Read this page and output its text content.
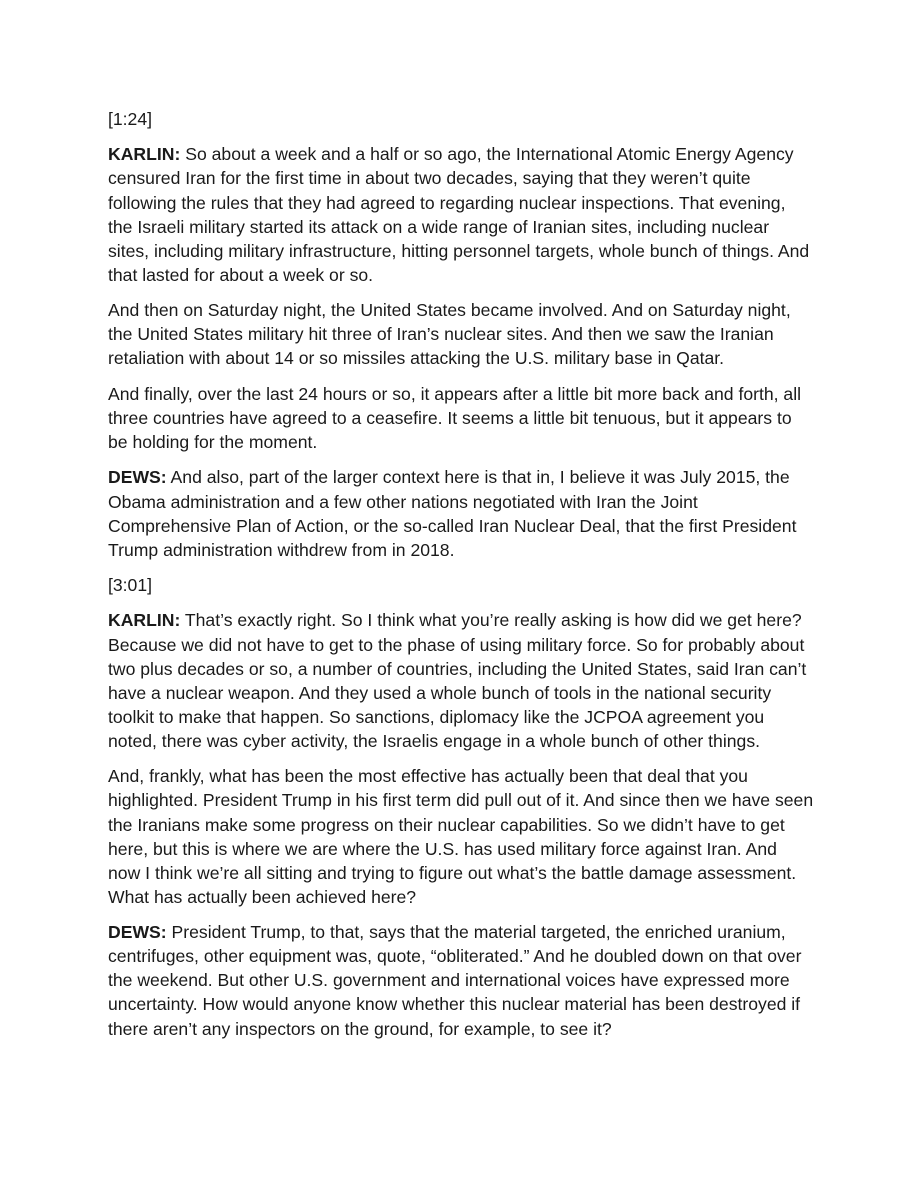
[1:24]

KARLIN: So about a week and a half or so ago, the International Atomic Energy Agency censured Iran for the first time in about two decades, saying that they weren’t quite following the rules that they had agreed to regarding nuclear inspections. That evening, the Israeli military started its attack on a wide range of Iranian sites, including nuclear sites, including military infrastructure, hitting personnel targets, whole bunch of things. And that lasted for about a week or so.

And then on Saturday night, the United States became involved. And on Saturday night, the United States military hit three of Iran’s nuclear sites. And then we saw the Iranian retaliation with about 14 or so missiles attacking the U.S. military base in Qatar.

And finally, over the last 24 hours or so, it appears after a little bit more back and forth, all three countries have agreed to a ceasefire. It seems a little bit tenuous, but it appears to be holding for the moment.

DEWS: And also, part of the larger context here is that in, I believe it was July 2015, the Obama administration and a few other nations negotiated with Iran the Joint Comprehensive Plan of Action, or the so-called Iran Nuclear Deal, that the first President Trump administration withdrew from in 2018.

[3:01]

KARLIN: That’s exactly right. So I think what you’re really asking is how did we get here? Because we did not have to get to the phase of using military force. So for probably about two plus decades or so, a number of countries, including the United States, said Iran can’t have a nuclear weapon. And they used a whole bunch of tools in the national security toolkit to make that happen. So sanctions, diplomacy like the JCPOA agreement you noted, there was cyber activity, the Israelis engage in a whole bunch of other things.

And, frankly, what has been the most effective has actually been that deal that you highlighted. President Trump in his first term did pull out of it. And since then we have seen the Iranians make some progress on their nuclear capabilities. So we didn’t have to get here, but this is where we are where the U.S. has used military force against Iran. And now I think we’re all sitting and trying to figure out what’s the battle damage assessment. What has actually been achieved here?

DEWS: President Trump, to that, says that the material targeted, the enriched uranium, centrifuges, other equipment was, quote, “obliterated.” And he doubled down on that over the weekend. But other U.S. government and international voices have expressed more uncertainty. How would anyone know whether this nuclear material has been destroyed if there aren’t any inspectors on the ground, for example, to see it?
